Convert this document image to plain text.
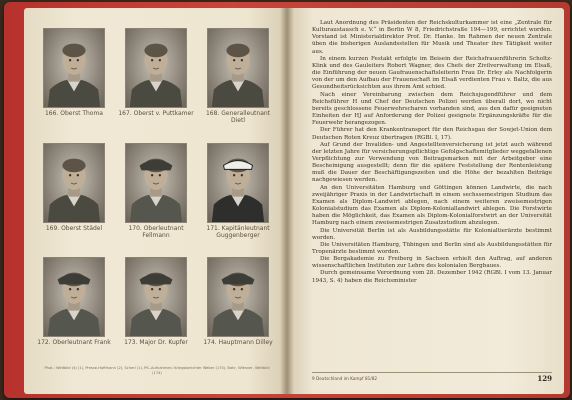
166. Oberst Thoma	167. Oberst v. Puttkamer	168. Generalleutnant Dietl
169. Oberst Städel	170. Oberleutnant Fellmann
171. Kapitänleutnant Guggenberger
172. Oberleutnant Frank	173. Major Dr. Kupfer	174. Hauptmann Dilley
Phot.: Weltbild (4) (1), Presse-Hoffmann (2), Scherl (1), PK.-Aufnahmen: Kriegsberichter Weber (170), Bahr, Wiesner, Weltbild (174)

Laut Anordnung des Präsidenten der Reichskulturkammer ist eine „Zentrale für Kulturaustausch e. V.“ in Berlin W 8, Friedrichstraße 194—199, errichtet worden. Vorstand ist Ministerialdirektor Prof. Dr. Hanke. Im Rahmen der neuen Zentrale üben die bisherigen Auslandsstellen für Musik und Theater ihre Tätigkeit weiter aus.

In einem kurzen Festakt erfolgte im Beisein der Reichsfrauenführerin Scholtz-Klink und des Gauleiters Robert Wagner, des Chefs der Zivilverwaltung im Elsaß, die Einführung der neuen Gaufrauenschaftsleiterin Frau Dr. Erley als Nachfolgerin von der um den Aufbau der Frauenschaft im Elsaß verdienten Frau v. Baltz, die aus Gesundheitsrücksichten aus ihrem Amt schied.

Nach einer Vereinbarung zwischen dem Reichsjugendführer und dem Reichsführer H und Chef der Deutschen Polizei werden überall dort, wo nicht bereits geschlossene Feuerwehrscharen vorhanden sind, aus den dafür geeigneten Einheiten der HJ auf Anforderung der Polizei geeignete Ergänzungskräfte für die Feuerwehr herangezogen.

Der Führer hat den Krankentransport für den Reichsgau der Sowjet-Union dem Deutschen Roten Kreuz übertragen (RGBl. I, 17).

Auf Grund der Invaliden- und Angestelltenversicherung ist jetzt auch während der letzten Jahre für versicherungspflichtige Gefolgschaftsmitglieder weggefallenen Verpflichtung zur Verwendung von Beitragsmarken mit der Arbeitgeber eine Bescheinigung ausgestellt; denn für die spätere Feststellung der Rentenleistung muß die Dauer der Beschäftigungszeiten und die Höhe der bezahlten Beiträge nachgewiesen werden.

An den Universitäten Hamburg und Göttingen können Landwirte, die nach zweijähriger Praxis in der Landwirtschaft in einem sechssemestrigen Studium das Examen als Diplom-Landwirt ablegen, nach einem weiteren zweisemestrigen Kolonialstudium das Examen als Diplom-Koloniallandwirt ablegen. Die Forstwirte haben die Möglichkeit, das Examen als Diplom-Kolonialforstwirt an der Universität Hamburg nach einem zweisemestrigen Zusatzstudium abzulegen.

Die Universität Berlin ist als Ausbildungsstätte für Kolonialtierärzte bestimmt worden.

Die Universitäten Hamburg, Tübingen und Berlin sind als Ausbildungsstätten für Tropenärzte bestimmt worden.

Die Bergakademie zu Freiberg in Sachsen erhielt den Auftrag, auf anderen wissenschaftlichen Instituten zur Lehre des kolonialen Bergbaues.

Durch gemeinsame Verordnung vom 28. Dezember 1942 (RGBl. I vom 13. Januar 1943, S. 4) haben die Reichsminister

9 Deutschland im Kampf 81/82	129
